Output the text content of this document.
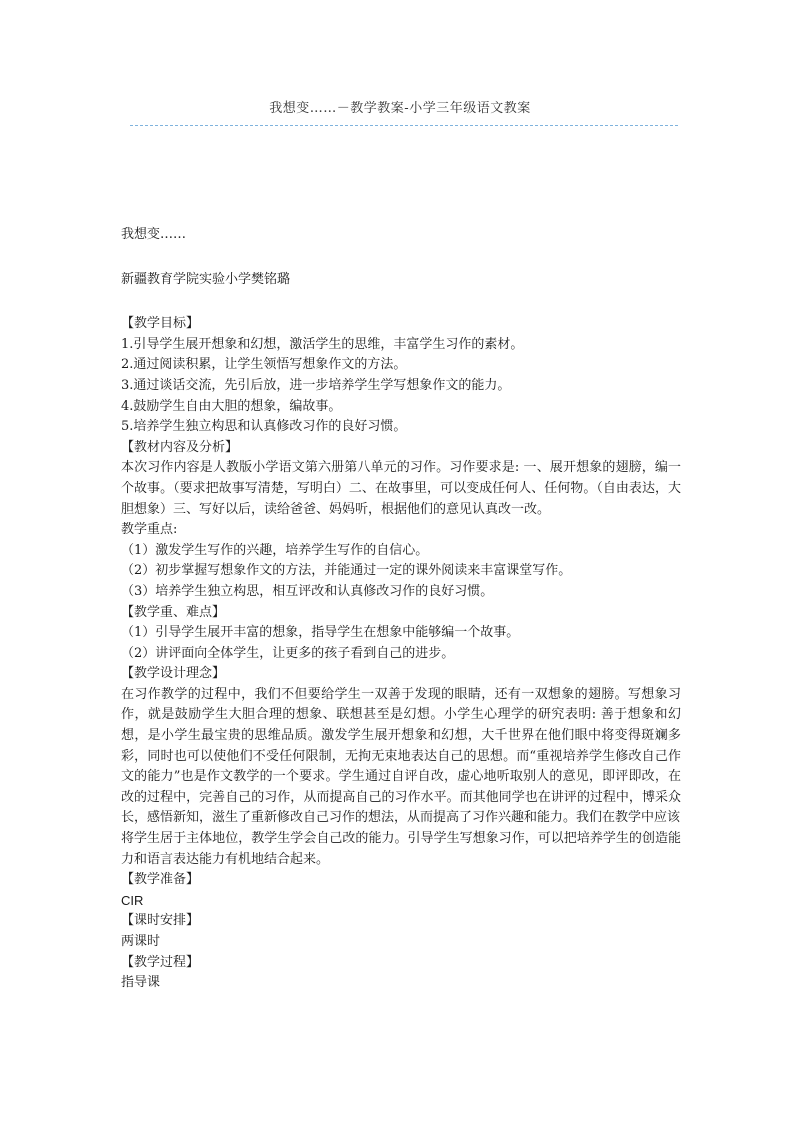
我想变……－教学教案-小学三年级语文教案

我想变……

新疆教育学院实验小学樊铭璐

【教学目标】

1.引导学生展开想象和幻想，激活学生的思维，丰富学生习作的素材。

2.通过阅读积累，让学生领悟写想象作文的方法。

3.通过谈话交流，先引后放，进一步培养学生学写想象作文的能力。

4.鼓励学生自由大胆的想象，编故事。

5.培养学生独立构思和认真修改习作的良好习惯。

【教材内容及分析】

本次习作内容是人教版小学语文第六册第八单元的习作。习作要求是: 一、展开想象的翅膀，编一个故事。（要求把故事写清楚，写明白）二、在故事里，可以变成任何人、任何物。（自由表达，大胆想象）三、写好以后，读给爸爸、妈妈听，根据他们的意见认真改一改。

教学重点:

（1）激发学生写作的兴趣，培养学生写作的自信心。

（2）初步掌握写想象作文的方法，并能通过一定的课外阅读来丰富课堂写作。

（3）培养学生独立构思，相互评改和认真修改习作的良好习惯。

【教学重、难点】

（1）引导学生展开丰富的想象，指导学生在想象中能够编一个故事。

（2）讲评面向全体学生，让更多的孩子看到自己的进步。

【教学设计理念】

在习作教学的过程中，我们不但要给学生一双善于发现的眼睛，还有一双想象的翅膀。写想象习作，就是鼓励学生大胆合理的想象、联想甚至是幻想。小学生心理学的研究表明: 善于想象和幻想，是小学生最宝贵的思维品质。激发学生展开想象和幻想，大千世界在他们眼中将变得斑斓多彩，同时也可以使他们不受任何限制，无拘无束地表达自己的思想。而“重视培养学生修改自己作文的能力”也是作文教学的一个要求。学生通过自评自改，虚心地听取别人的意见，即评即改，在改的过程中，完善自己的习作，从而提高自己的习作水平。而其他同学也在讲评的过程中，博采众长，感悟新知，滋生了重新修改自己习作的想法，从而提高了习作兴趣和能力。我们在教学中应该

将学生居于主体地位，教学生学会自己改的能力。引导学生写想象习作，可以把培养学生的创造能力和语言表达能力有机地结合起来。

【教学准备】

CIR

【课时安排】

两课时

【教学过程】

指导课
